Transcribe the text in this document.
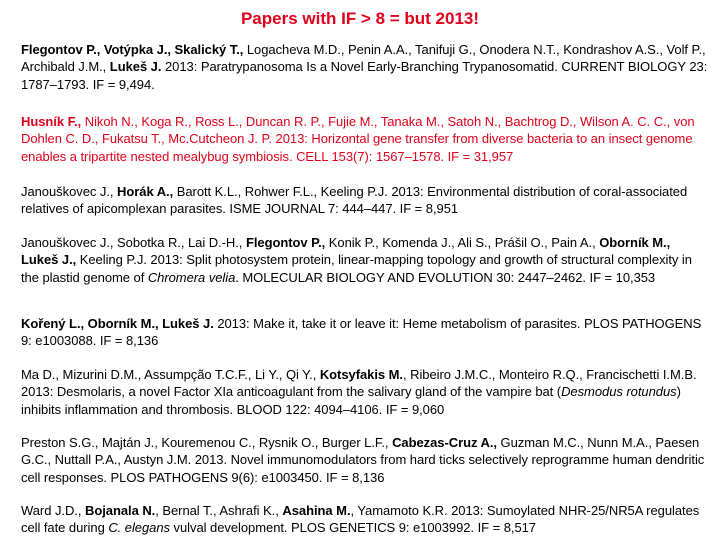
Papers with IF > 8 = but 2013!
Flegontov P., Votýpka J., Skalický T., Logacheva M.D., Penin A.A., Tanifuji G., Onodera N.T., Kondrashov A.S., Volf P., Archibald J.M., Lukeš J. 2013: Paratrypanosoma Is a Novel Early-Branching Trypanosomatid. CURRENT BIOLOGY 23: 1787–1793. IF = 9,494.
Husník F., Nikoh N., Koga R., Ross L., Duncan R. P., Fujie M., Tanaka M., Satoh N., Bachtrog D., Wilson A. C. C., von Dohlen C. D., Fukatsu T., Mc.Cutcheon J. P. 2013: Horizontal gene transfer from diverse bacteria to an insect genome enables a tripartite nested mealybug symbiosis. CELL 153(7): 1567–1578. IF = 31,957
Janouškovec J., Horák A., Barott K.L., Rohwer F.L., Keeling P.J. 2013: Environmental distribution of coral-associated relatives of apicomplexan parasites. ISME JOURNAL 7: 444–447. IF = 8,951
Janouškovec J., Sobotka R., Lai D.-H., Flegontov P., Konik P., Komenda J., Ali S., Prášil O., Pain A., Oborník M., Lukeš J., Keeling P.J. 2013: Split photosystem protein, linear-mapping topology and growth of structural complexity in the plastid genome of Chromera velia. MOLECULAR BIOLOGY AND EVOLUTION 30: 2447–2462. IF = 10,353
Kořený L., Oborník M., Lukeš J. 2013: Make it, take it or leave it: Heme metabolism of parasites. PLOS PATHOGENS 9: e1003088. IF = 8,136
Ma D., Mizurini D.M., Assumpção T.C.F., Li Y., Qi Y., Kotsyfakis M., Ribeiro J.M.C., Monteiro R.Q., Francischetti I.M.B. 2013: Desmolaris, a novel Factor XIa anticoagulant from the salivary gland of the vampire bat (Desmodus rotundus) inhibits inflammation and thrombosis. BLOOD 122: 4094–4106. IF = 9,060
Preston S.G., Majtán J., Kouremenou C., Rysnik O., Burger L.F., Cabezas-Cruz A., Guzman M.C., Nunn M.A., Paesen G.C., Nuttall P.A., Austyn J.M. 2013. Novel immunomodulators from hard ticks selectively reprogramme human dendritic cell responses. PLOS PATHOGENS 9(6): e1003450. IF = 8,136
Ward J.D., Bojanala N., Bernal T., Ashrafi K., Asahina M., Yamamoto K.R. 2013: Sumoylated NHR-25/NR5A regulates cell fate during C. elegans vulval development. PLOS GENETICS 9: e1003992. IF = 8,517
